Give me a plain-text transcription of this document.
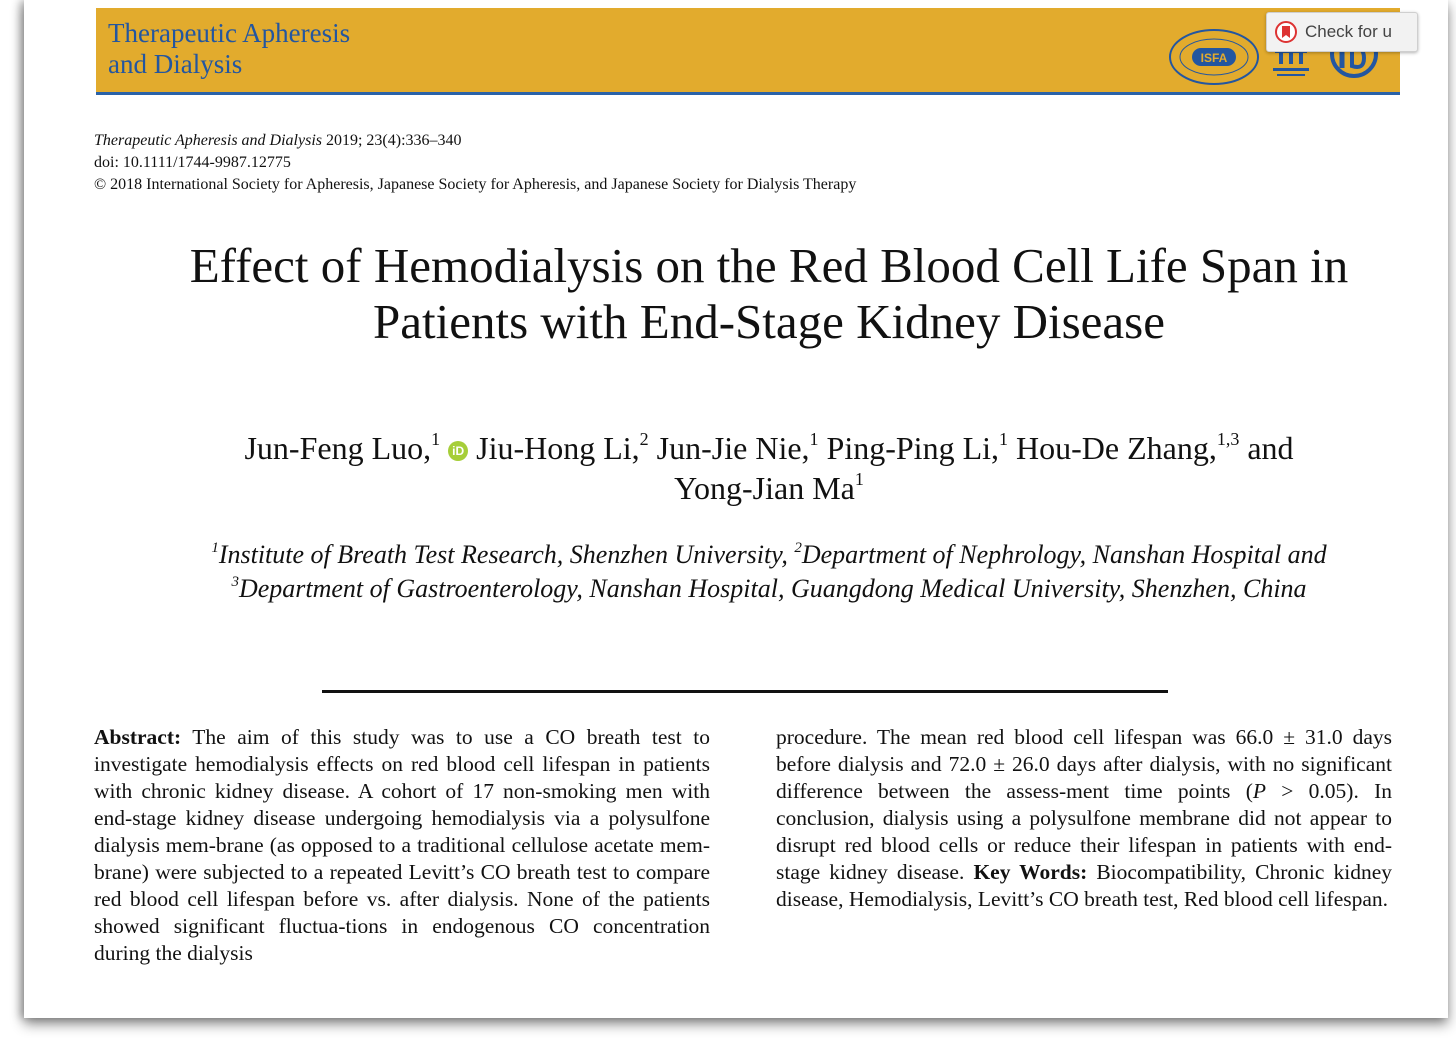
Therapeutic Apheresis
and Dialysis	ISFA
Check for u
Therapeutic Apheresis and Dialysis 2019; 23(4):336–340
doi: 10.1111/1744-9987.12775
© 2018 International Society for Apheresis, Japanese Society for Apheresis, and Japanese Society for Dialysis Therapy
Effect of Hemodialysis on the Red Blood Cell Life Span in
Patients with End-Stage Kidney Disease
Jun-Feng Luo,$^1$ iD Jiu-Hong Li,$^2$ Jun-Jie Nie,$^1$ Ping-Ping Li,$^1$ Hou-De Zhang,$^{1,3}$ and
Yong-Jian Ma$^1$
$^1$Institute of Breath Test Research, Shenzhen University, $^2$Department of Nephrology, Nanshan Hospital and
$^3$Department of Gastroenterology, Nanshan Hospital, Guangdong Medical University, Shenzhen, China
Abstract: The aim of this study was to use a CO breath test to investigate hemodialysis effects on red blood cell lifespan in patients with chronic kidney disease. A cohort of 17 non-smoking men with end-stage kidney disease undergoing hemodialysis via a polysulfone dialysis mem-brane (as opposed to a traditional cellulose acetate mem-brane) were subjected to a repeated Levitt’s CO breath test to compare red blood cell lifespan before vs. after dialysis. None of the patients showed significant fluctua-tions in endogenous CO concentration during the dialysis
procedure. The mean red blood cell lifespan was 66.0 ± 31.0 days before dialysis and 72.0 ± 26.0 days after dialysis, with no significant difference between the assess-ment time points (P > 0.05). In conclusion, dialysis using a polysulfone membrane did not appear to disrupt red blood cells or reduce their lifespan in patients with end-stage kidney disease. Key Words: Biocompatibility, Chronic kidney disease, Hemodialysis, Levitt’s CO breath test, Red blood cell lifespan.
